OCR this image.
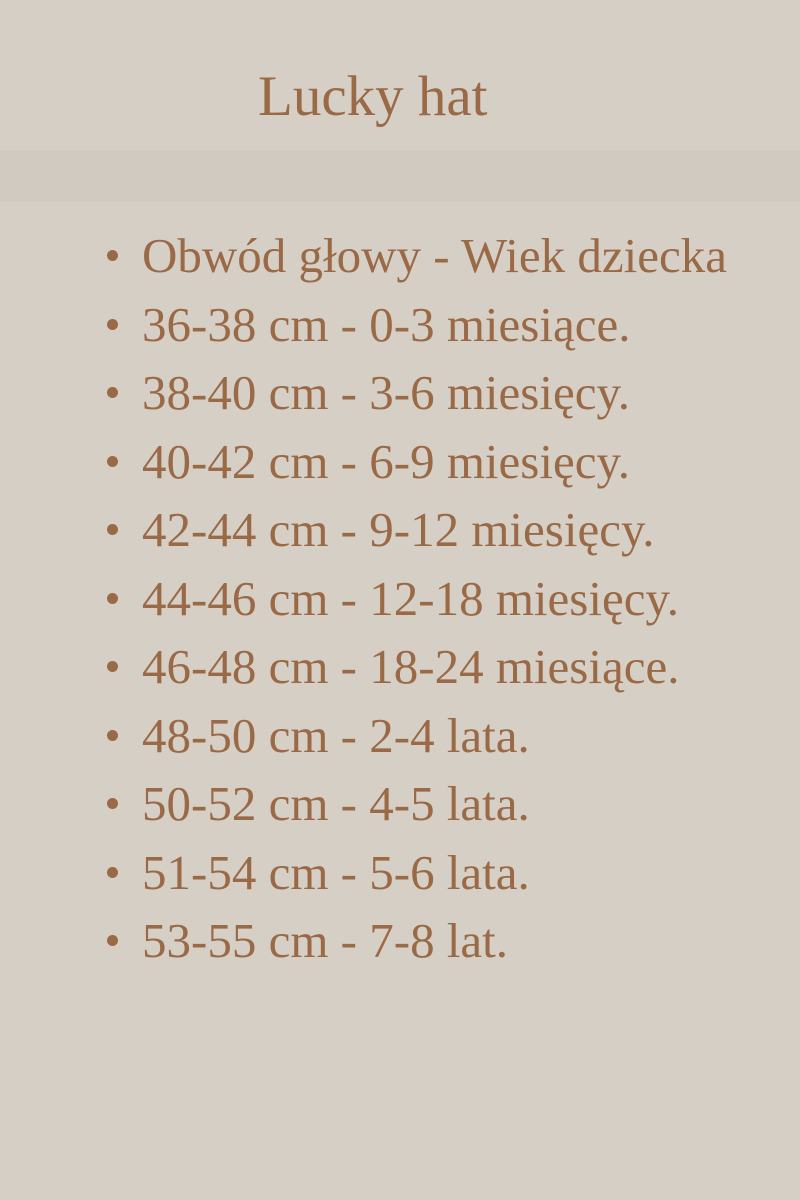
Lucky hat
Obwód głowy - Wiek dziecka
36-38 cm - 0-3 miesiące.
38-40 cm - 3-6 miesięcy.
40-42 cm - 6-9 miesięcy.
42-44 cm - 9-12 miesięcy.
44-46 cm - 12-18 miesięcy.
46-48 cm - 18-24 miesiące.
48-50 cm - 2-4 lata.
50-52 cm - 4-5 lata.
51-54 cm - 5-6 lata.
53-55 cm - 7-8 lat.
